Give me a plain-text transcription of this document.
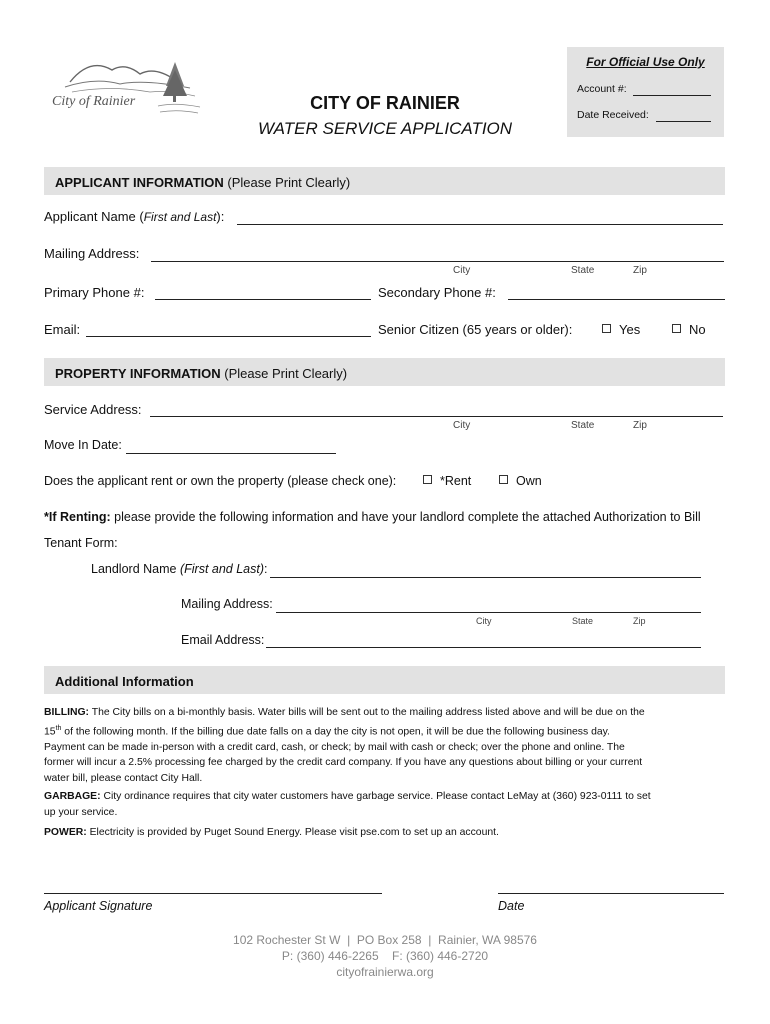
City of Rainier	CITY OF RAINIER
WATER SERVICE APPLICATION
For Official Use Only
Account #:
Date Received:
APPLICANT INFORMATION (Please Print Clearly)
Applicant Name (First and Last):
Mailing Address:
City	State	Zip
Primary Phone #:	Secondary Phone #:
Email:	Senior Citizen (65 years or older):	Yes	No
PROPERTY INFORMATION (Please Print Clearly)
Service Address:
City	State	Zip
Move In Date:
Does the applicant rent or own the property (please check one):	*Rent	Own
*If Renting: please provide the following information and have your landlord complete the attached Authorization to Bill
Tenant Form:
Landlord Name (First and Last):
Mailing Address:
City	State	Zip
Email Address:
Additional Information
BILLING: The City bills on a bi-monthly basis. Water bills will be sent out to the mailing address listed above and will be due on the
15th of the following month. If the billing due date falls on a day the city is not open, it will be due the following business day.
Payment can be made in-person with a credit card, cash, or check; by mail with cash or check; over the phone and online. The
former will incur a 2.5% processing fee charged by the credit card company. If you have any questions about billing or your current
water bill, please contact City Hall.
GARBAGE: City ordinance requires that city water customers have garbage service. Please contact LeMay at (360) 923-0111 to set
up your service.
POWER: Electricity is provided by Puget Sound Energy. Please visit pse.com to set up an account.
Applicant Signature	Date
102 Rochester St W  |  PO Box 258  |  Rainier, WA 98576
P: (360) 446-2265    F: (360) 446-2720
cityofrainierwa.org
